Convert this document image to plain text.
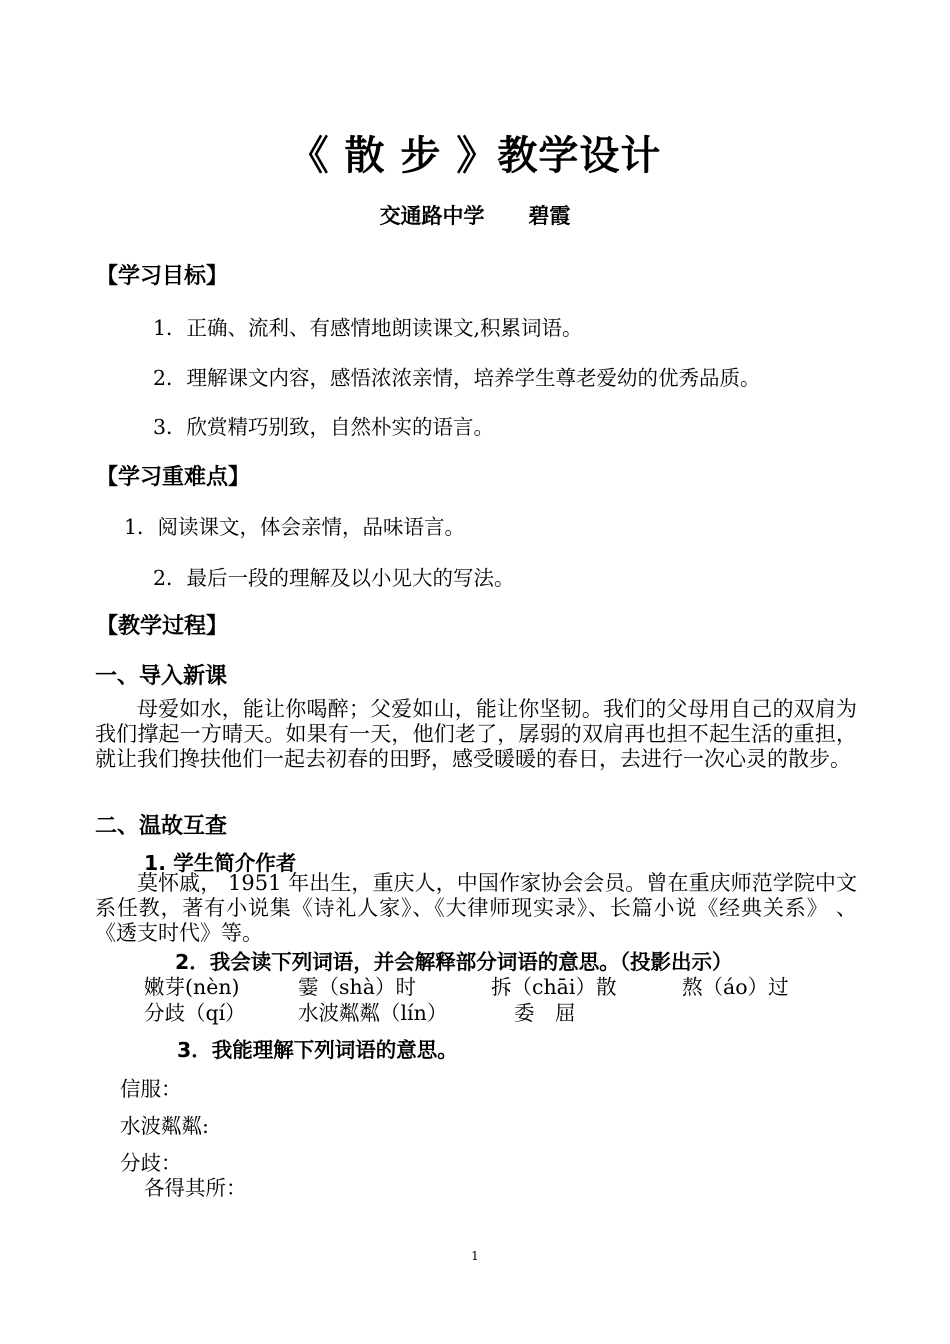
《 散 步 》教学设计
交通路中学      碧霞
【学习目标】
1．正确、流利、有感情地朗读课文,积累词语。
2．理解课文内容，感悟浓浓亲情，培养学生尊老爱幼的优秀品质。
3．欣赏精巧别致，自然朴实的语言。
【学习重难点】
1．阅读课文，体会亲情，品味语言。
2．最后一段的理解及以小见大的写法。
【教学过程】
一、导入新课
母爱如水，能让你喝醉；父爱如山，能让你坚韧。我们的父母用自己的双肩为我们撑起一方晴天。如果有一天，他们老了，孱弱的双肩再也担不起生活的重担，就让我们搀扶他们一起去初春的田野，感受暖暖的春日，去进行一次心灵的散步。
二、温故互查
1. 学生简介作者
莫怀戚， 1951 年出生，重庆人，中国作家协会会员。曾在重庆师范学院中文系任教，著有小说集《诗礼人家》、《大律师现实录》、长篇小说《经典关系》 、《透支时代》等。
2．我会读下列词语，并会解释部分词语的意思。（投影出示）
嫩芽(nèn)	霎（shà）时	拆（chāi）散	熬（áo）过
分歧（qí）	水波粼粼（lín）	委　屈
3．我能理解下列词语的意思。
信服：
水波粼粼:
分歧：
各得其所：
1
